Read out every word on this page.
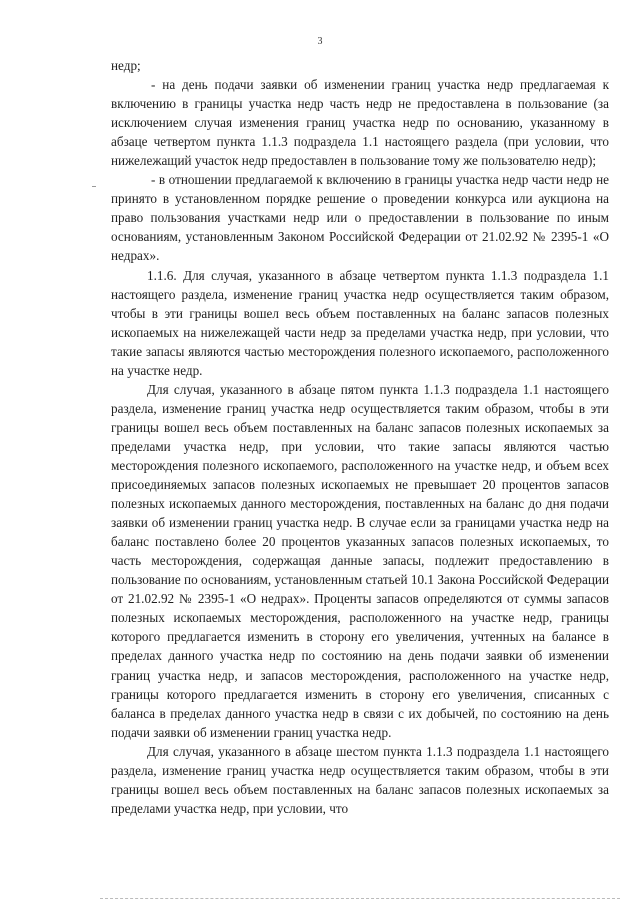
3

недр;

- на день подачи заявки об изменении границ участка недр предлагаемая к включению в границы участка недр часть недр не предоставлена в пользование (за исключением случая изменения границ участка недр по основанию, указанному в абзаце четвертом пункта 1.1.3 подраздела 1.1 настоящего раздела (при условии, что нижележащий участок недр предоставлен в пользование тому же пользователю недр);

- в отношении предлагаемой к включению в границы участка недр части недр не принято в установленном порядке решение о проведении конкурса или аукциона на право пользования участками недр или о предоставлении в пользование по иным основаниям, установленным Законом Российской Федерации от 21.02.92 № 2395-1 «О недрах».

1.1.6. Для случая, указанного в абзаце четвертом пункта 1.1.3 подраздела 1.1 настоящего раздела, изменение границ участка недр осуществляется таким образом, чтобы в эти границы вошел весь объем поставленных на баланс запасов полезных ископаемых на нижележащей части недр за пределами участка недр, при условии, что такие запасы являются частью месторождения полезного ископаемого, расположенного на участке недр.

Для случая, указанного в абзаце пятом пункта 1.1.3 подраздела 1.1 настоящего раздела, изменение границ участка недр осуществляется таким образом, чтобы в эти границы вошел весь объем поставленных на баланс запасов полезных ископаемых за пределами участка недр, при условии, что такие запасы являются частью месторождения полезного ископаемого, расположенного на участке недр, и объем всех присоединяемых запасов полезных ископаемых не превышает 20 процентов запасов полезных ископаемых данного месторождения, поставленных на баланс до дня подачи заявки об изменении границ участка недр. В случае если за границами участка недр на баланс поставлено более 20 процентов указанных запасов полезных ископаемых, то часть месторождения, содержащая данные запасы, подлежит предоставлению в пользование по основаниям, установленным статьей 10.1 Закона Российской Федерации от 21.02.92 № 2395-1 «О недрах». Проценты запасов определяются от суммы запасов полезных ископаемых месторождения, расположенного на участке недр, границы которого предлагается изменить в сторону его увеличения, учтенных на балансе в пределах данного участка недр по состоянию на день подачи заявки об изменении границ участка недр, и запасов месторождения, расположенного на участке недр, границы которого предлагается изменить в сторону его увеличения, списанных с баланса в пределах данного участка недр в связи с их добычей, по состоянию на день подачи заявки об изменении границ участка недр.

Для случая, указанного в абзаце шестом пункта 1.1.3 подраздела 1.1 настоящего раздела, изменение границ участка недр осуществляется таким образом, чтобы в эти границы вошел весь объем поставленных на баланс запасов полезных ископаемых за пределами участка недр, при условии, что
